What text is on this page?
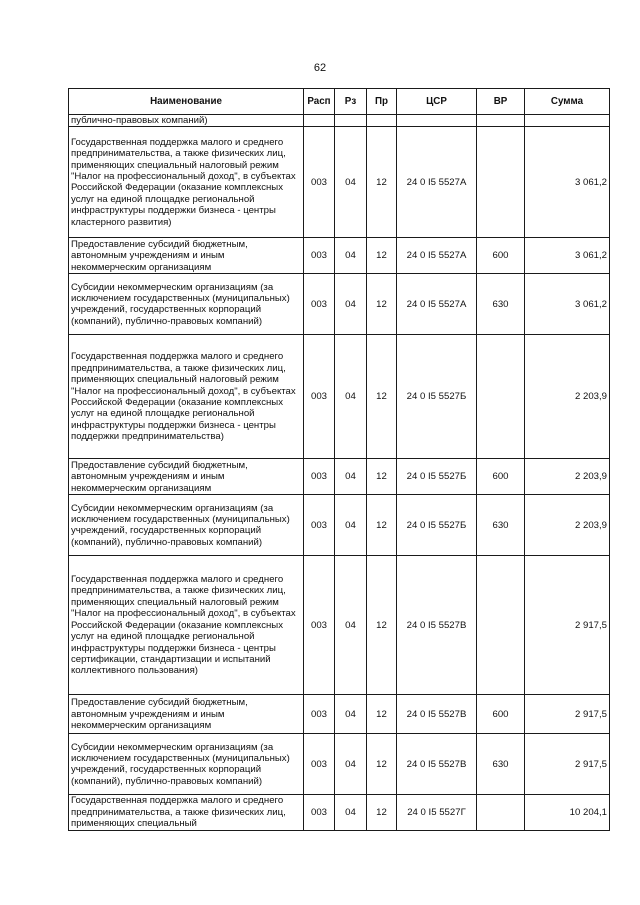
62
Наименование	Расп	Рз	Пр	ЦСР	ВР	Сумма
публично-правовых компаний)						
Государственная поддержка малого и среднего предпринимательства, а также физических лиц, применяющих специальный налоговый режим "Налог на профессиональный доход", в субъектах Российской Федерации (оказание комплексных услуг на единой площадке региональной инфраструктуры поддержки бизнеса - центры кластерного развития)	003	04	12	24 0 I5 5527А		3 061,2
Предоставление субсидий бюджетным, автономным учреждениям и иным некоммерческим организациям	003	04	12	24 0 I5 5527А	600	3 061,2
Субсидии некоммерческим организациям (за исключением государственных (муниципальных) учреждений, государственных корпораций (компаний), публично-правовых компаний)	003	04	12	24 0 I5 5527А	630	3 061,2
Государственная поддержка малого и среднего предпринимательства, а также физических лиц, применяющих специальный налоговый режим "Налог на профессиональный доход", в субъектах Российской Федерации (оказание комплексных услуг на единой площадке региональной инфраструктуры поддержки бизнеса - центры поддержки предпринимательства)	003	04	12	24 0 I5 5527Б		2 203,9
Предоставление субсидий бюджетным, автономным учреждениям и иным некоммерческим организациям	003	04	12	24 0 I5 5527Б	600	2 203,9
Субсидии некоммерческим организациям (за исключением государственных (муниципальных) учреждений, государственных корпораций (компаний), публично-правовых компаний)	003	04	12	24 0 I5 5527Б	630	2 203,9
Государственная поддержка малого и среднего предпринимательства, а также физических лиц, применяющих специальный налоговый режим "Налог на профессиональный доход", в субъектах Российской Федерации (оказание комплексных услуг на единой площадке региональной инфраструктуры поддержки бизнеса - центры сертификации, стандартизации и испытаний коллективного пользования)	003	04	12	24 0 I5 5527В		2 917,5
Предоставление субсидий бюджетным, автономным учреждениям и иным некоммерческим организациям	003	04	12	24 0 I5 5527В	600	2 917,5
Субсидии некоммерческим организациям (за исключением государственных (муниципальных) учреждений, государственных корпораций (компаний), публично-правовых компаний)	003	04	12	24 0 I5 5527В	630	2 917,5
Государственная поддержка малого и среднего предпринимательства, а также физических лиц, применяющих специальный	003	04	12	24 0 I5 5527Г		10 204,1
